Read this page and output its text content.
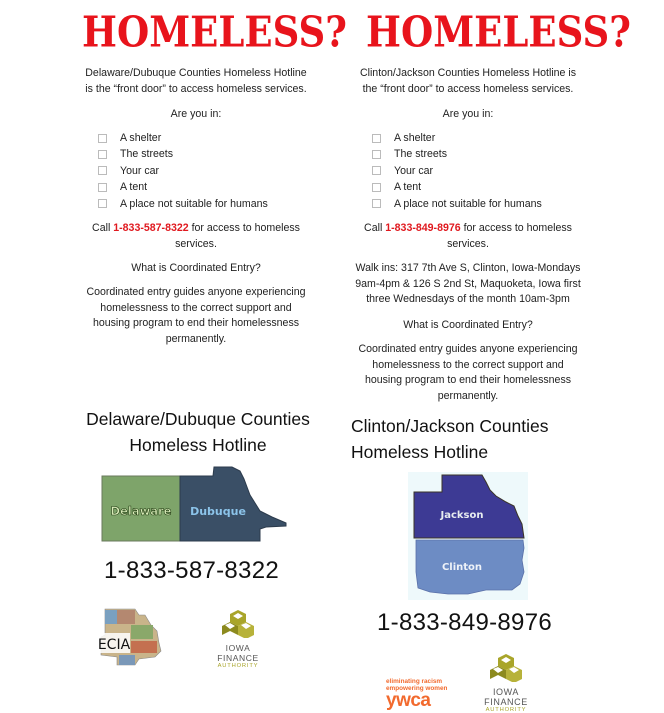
HOMELESS?
Delaware/Dubuque Counties Homeless Hotline
is the “front door” to access homeless services.
Are you in:
A shelter
The streets
Your car
A tent
A place not suitable for humans
Call 1-833-587-8322 for access to homeless
services.
What is Coordinated Entry?
Coordinated entry guides anyone experiencing
homelessness to the correct support and
housing program to end their homelessness
permanently.
Delaware/Dubuque Counties
Homeless Hotline
Delaware Dubuque
1-833-587-8322
ECIA	IOWA FINANCE
AUTHORITY
HOMELESS?
Clinton/Jackson Counties Homeless Hotline is
the “front door” to access homeless services.
Are you in:
A shelter
The streets
Your car
A tent
A place not suitable for humans
Call 1-833-849-8976 for access to homeless
services.
Walk ins: 317 7th Ave S, Clinton, Iowa-Mondays
9am-4pm & 126 S 2nd St, Maquoketa, Iowa first
three Wednesdays of the month 10am-3pm
What is Coordinated Entry?
Coordinated entry guides anyone experiencing
homelessness to the correct support and
housing program to end their homelessness
permanently.
Clinton/Jackson Counties
Homeless Hotline
Jackson
Clinton
1-833-849-8976
eliminating racism
empowering women
ywca	IOWA FINANCE
AUTHORITY
